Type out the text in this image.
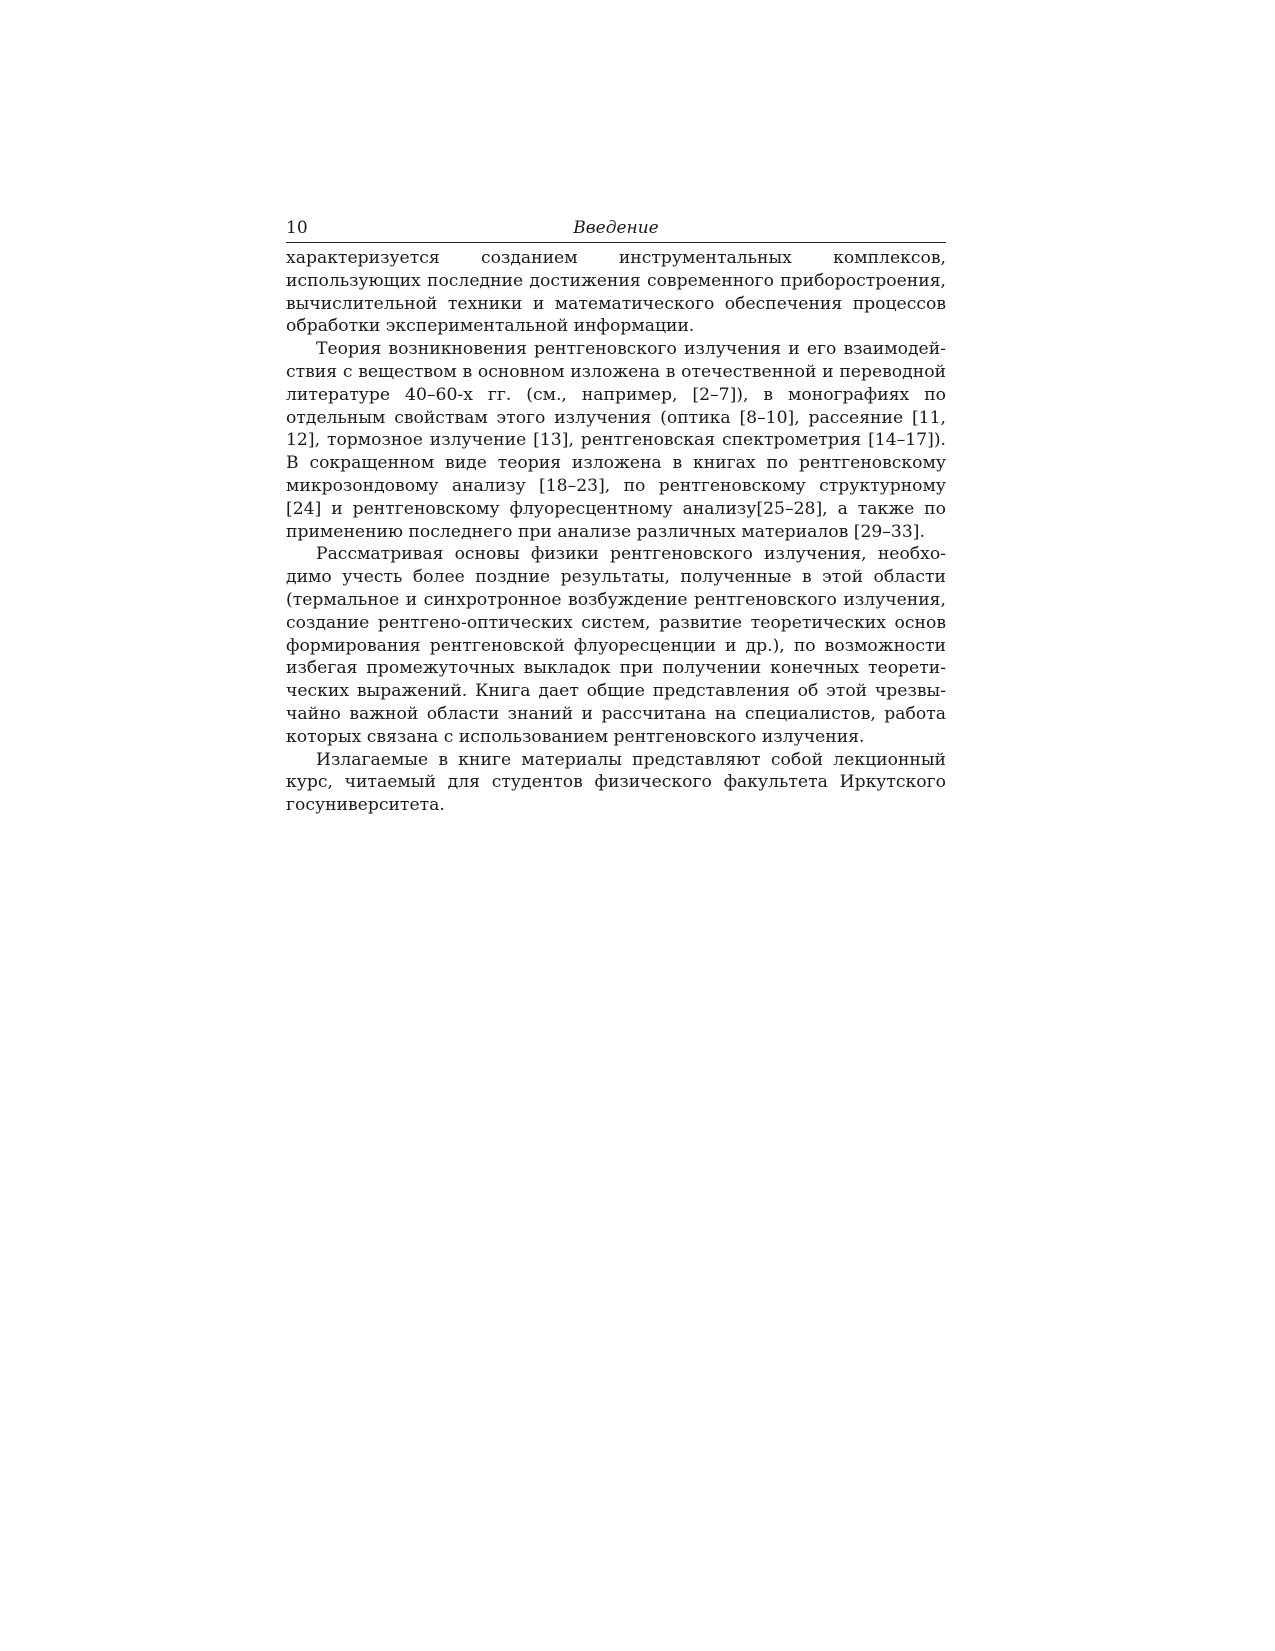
10	Введение

характеризуется созданием инструментальных комплексов, использующих последние достижения современного приборостроения, вычислительной техники и математического обеспечения процессов обработки экспериментальной информации.

Теория возникновения рентгеновского излучения и его взаимодействия с веществом в основном изложена в отечественной и переводной литературе 40–60-х гг. (см., например, [2–7]), в монографиях по отдельным свойствам этого излучения (оптика [8–10], рассеяние [11, 12], тормозное излучение [13], рентгеновская спектрометрия [14–17]). В сокращенном виде теория изложена в книгах по рентгеновскому микрозондовому анализу [18–23], по рентгеновскому структурному [24] и рентгеновскому флуоресцентному анализу[25–28], а также по применению последнего при анализе различных материалов [29–33].

Рассматривая основы физики рентгеновского излучения, необходимо учесть более поздние результаты, полученные в этой области (термальное и синхротронное возбуждение рентгеновского излучения, создание рентгено-оптических систем, развитие теоретических основ формирования рентгеновской флуоресценции и др.), по возможности избегая промежуточных выкладок при получении конечных теоретических выражений. Книга дает общие представления об этой чрезвычайно важной области знаний и рассчитана на специалистов, работа которых связана с использованием рентгеновского излучения.

Излагаемые в книге материалы представляют собой лекционный курс, читаемый для студентов физического факультета Иркутского госуниверситета.
